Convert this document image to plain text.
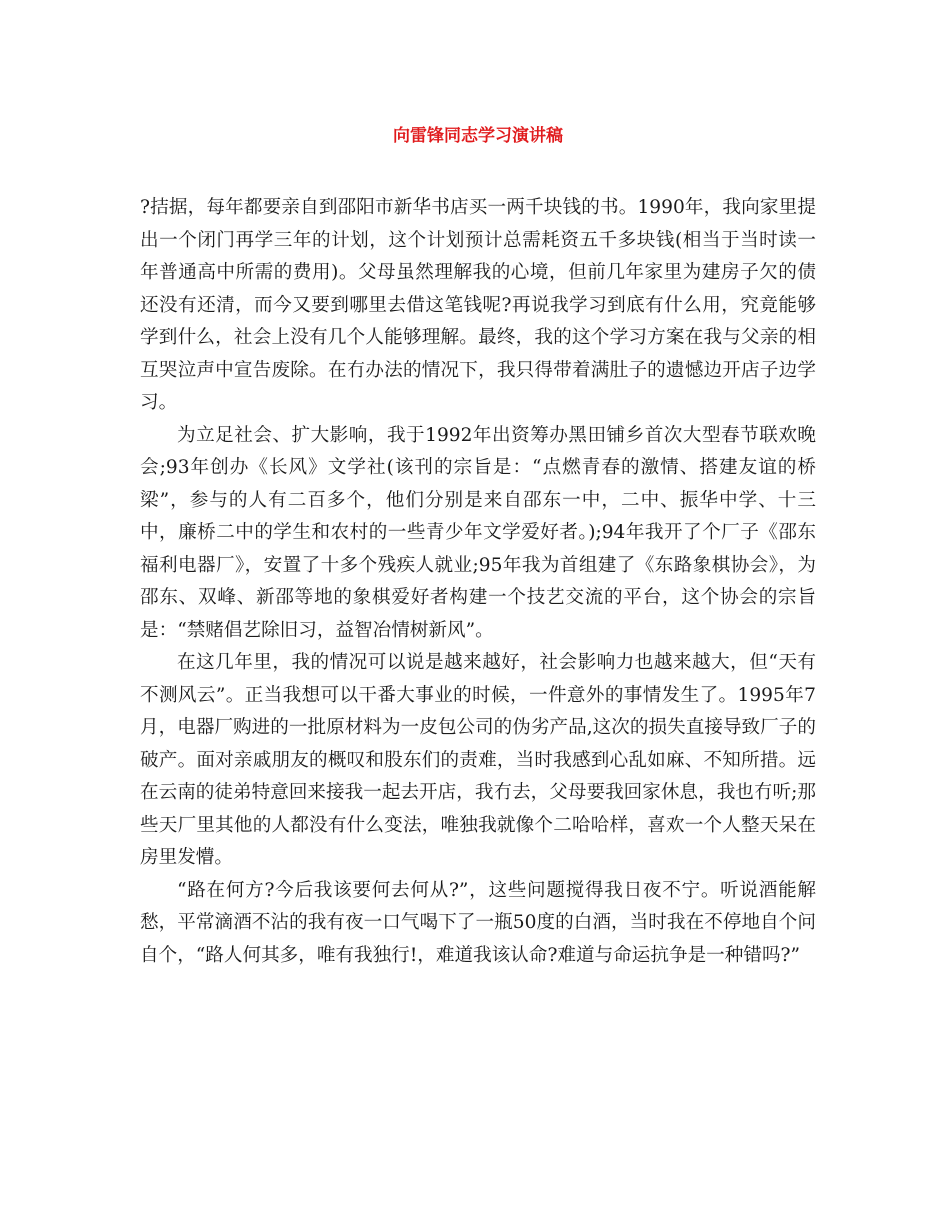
向雷锋同志学习演讲稿

?拮据，每年都要亲自到邵阳市新华书店买一两千块钱的书。1990年，我向家里提出一个闭门再学三年的计划，这个计划预计总需耗资五千多块钱(相当于当时读一年普通高中所需的费用)。父母虽然理解我的心境，但前几年家里为建房子欠的债还没有还清，而今又要到哪里去借这笔钱呢?再说我学习到底有什么用，究竟能够学到什么，社会上没有几个人能够理解。最终，我的这个学习方案在我与父亲的相互哭泣声中宣告废除。在冇办法的情况下，我只得带着满肚子的遗憾边开店子边学习。

为立足社会、扩大影响，我于1992年出资筹办黑田铺乡首次大型春节联欢晚会;93年创办《长风》文学社(该刊的宗旨是：“点燃青春的激情、搭建友谊的桥梁”，参与的人有二百多个，他们分别是来自邵东一中，二中、振华中学、十三中，廉桥二中的学生和农村的一些青少年文学爱好者。);94年我开了个厂子《邵东福利电器厂》，安置了十多个残疾人就业;95年我为首组建了《东路象棋协会》，为邵东、双峰、新邵等地的象棋爱好者构建一个技艺交流的平台，这个协会的宗旨是：“禁赌倡艺除旧习，益智冶情树新风”。

在这几年里，我的情况可以说是越来越好，社会影响力也越来越大，但“天有不测风云”。正当我想可以干番大事业的时候，一件意外的事情发生了。1995年7月，电器厂购进的一批原材料为一皮包公司的伪劣产品,这次的损失直接导致厂子的破产。面对亲戚朋友的概叹和股东们的责难，当时我感到心乱如麻、不知所措。远在云南的徒弟特意回来接我一起去开店，我冇去，父母要我回家休息，我也冇听;那些天厂里其他的人都没有什么变法，唯独我就像个二哈哈样，喜欢一个人整天呆在房里发懵。

“路在何方?今后我该要何去何从?”，这些问题搅得我日夜不宁。听说酒能解愁，平常滴酒不沾的我有夜一口气喝下了一瓶50度的白酒，当时我在不停地自个问自个，“路人何其多，唯有我独行!，难道我该认命?难道与命运抗争是一种错吗?”
